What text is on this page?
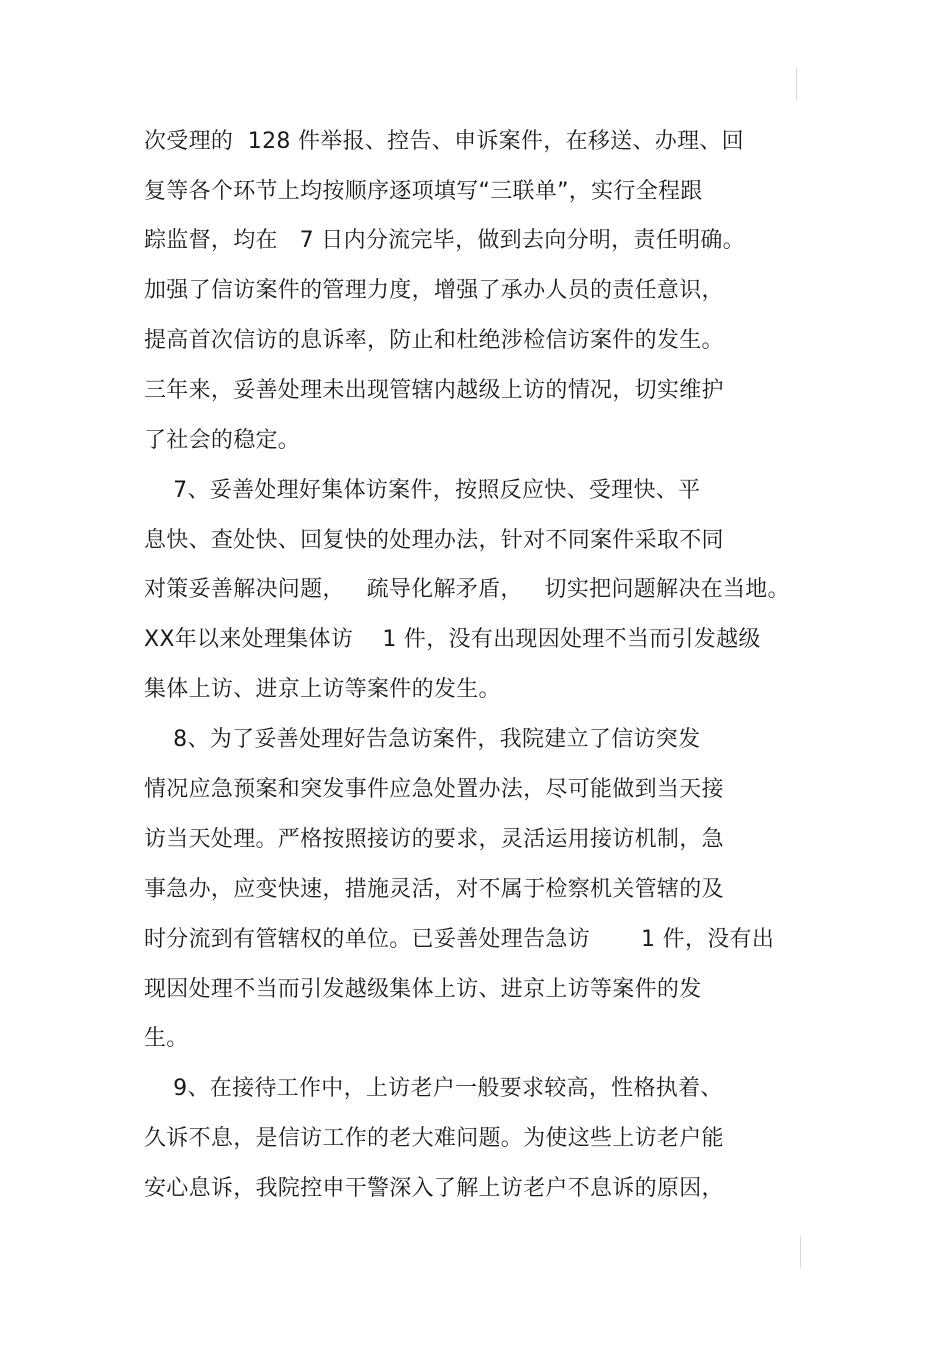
次受理的  128 件举报、控告、申诉案件，在移送、办理、回
复等各个环节上均按顺序逐项填写“三联单”，实行全程跟
踪监督，均在   7 日内分流完毕，做到去向分明，责任明确。
加强了信访案件的管理力度，增强了承办人员的责任意识，
提高首次信访的息诉率，防止和杜绝涉检信访案件的发生。
三年来，妥善处理未出现管辖内越级上访的情况，切实维护
了社会的稳定。
7、妥善处理好集体访案件，按照反应快、受理快、平
息快、查处快、回复快的处理办法，针对不同案件采取不同
对策妥善解决问题，   疏导化解矛盾，   切实把问题解决在当地。
XX年以来处理集体访    1 件，没有出现因处理不当而引发越级
集体上访、进京上访等案件的发生。
8、为了妥善处理好告急访案件，我院建立了信访突发
情况应急预案和突发事件应急处置办法，尽可能做到当天接
访当天处理。严格按照接访的要求，灵活运用接访机制，急
事急办，应变快速，措施灵活，对不属于检察机关管辖的及
时分流到有管辖权的单位。已妥善处理告急访       1 件，没有出
现因处理不当而引发越级集体上访、进京上访等案件的发
生。
9、在接待工作中，上访老户一般要求较高，性格执着、
久诉不息，是信访工作的老大难问题。为使这些上访老户能
安心息诉，我院控申干警深入了解上访老户不息诉的原因，
